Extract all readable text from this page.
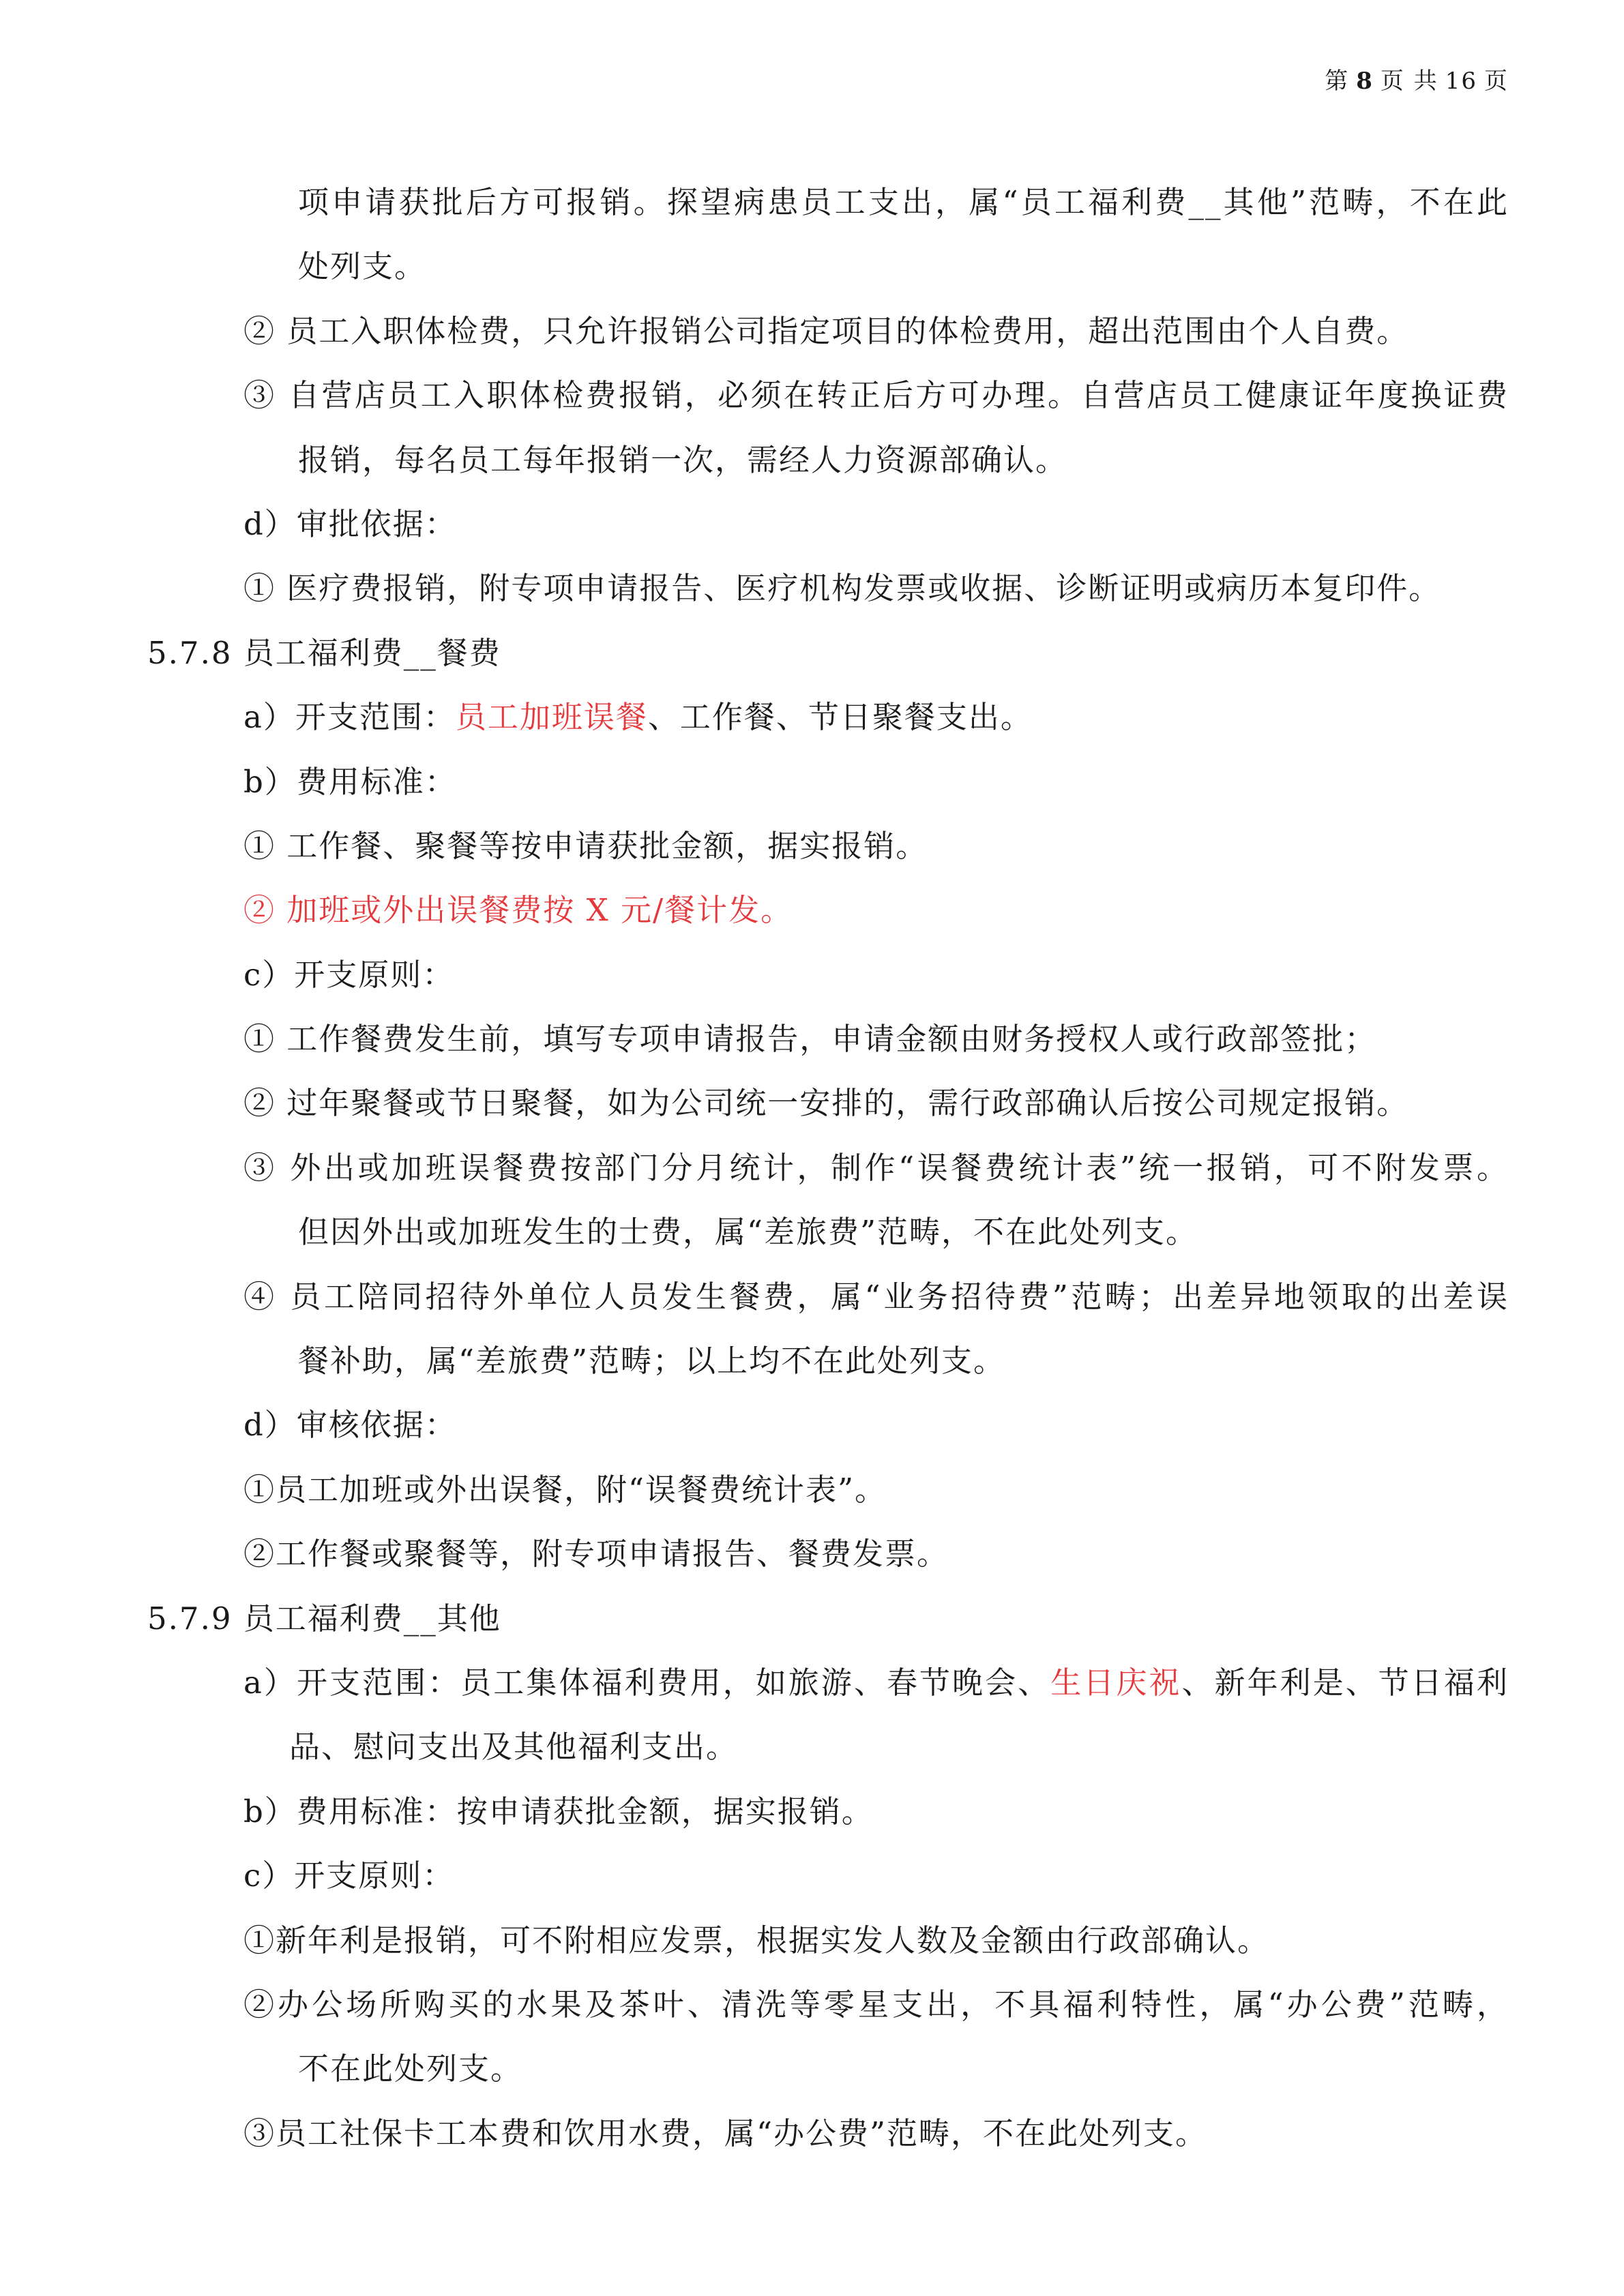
第 8 页 共 16 页
项申请获批后方可报销。探望病患员工支出，属“员工福利费__其他”范畴，不在此
处列支。
② 员工入职体检费，只允许报销公司指定项目的体检费用，超出范围由个人自费。
③ 自营店员工入职体检费报销，必须在转正后方可办理。自营店员工健康证年度换证费
报销，每名员工每年报销一次，需经人力资源部确认。
d）审批依据：
① 医疗费报销，附专项申请报告、医疗机构发票或收据、诊断证明或病历本复印件。
5.7.8 员工福利费__餐费
a）开支范围：员工加班误餐、工作餐、节日聚餐支出。
b）费用标准：
① 工作餐、聚餐等按申请获批金额，据实报销。
② 加班或外出误餐费按 X 元/餐计发。
c）开支原则：
① 工作餐费发生前，填写专项申请报告，申请金额由财务授权人或行政部签批；
② 过年聚餐或节日聚餐，如为公司统一安排的，需行政部确认后按公司规定报销。
③ 外出或加班误餐费按部门分月统计，制作“误餐费统计表”统一报销，可不附发票。
但因外出或加班发生的士费，属“差旅费”范畴，不在此处列支。
④ 员工陪同招待外单位人员发生餐费，属“业务招待费”范畴；出差异地领取的出差误
餐补助，属“差旅费”范畴；以上均不在此处列支。
d）审核依据：
①员工加班或外出误餐，附“误餐费统计表”。
②工作餐或聚餐等，附专项申请报告、餐费发票。
5.7.9 员工福利费__其他
a）开支范围：员工集体福利费用，如旅游、春节晚会、生日庆祝、新年利是、节日福利
品、慰问支出及其他福利支出。
b）费用标准：按申请获批金额，据实报销。
c）开支原则：
①新年利是报销，可不附相应发票，根据实发人数及金额由行政部确认。
②办公场所购买的水果及茶叶、清洗等零星支出，不具福利特性，属“办公费”范畴，
不在此处列支。
③员工社保卡工本费和饮用水费，属“办公费”范畴，不在此处列支。
